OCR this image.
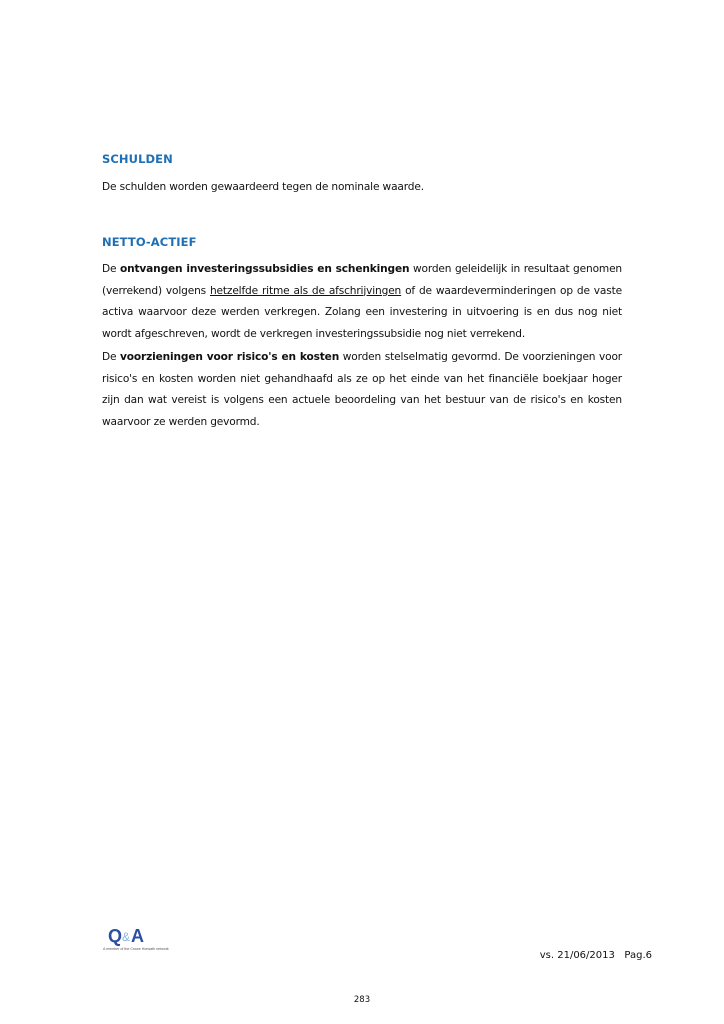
SCHULDEN
De schulden worden gewaardeerd tegen de nominale waarde.
NETTO-ACTIEF
De ontvangen investeringssubsidies en schenkingen worden geleidelijk in resultaat genomen (verrekend) volgens hetzelfde ritme als de afschrijvingen of de waardeverminderingen op de vaste activa waarvoor deze werden verkregen. Zolang een investering in uitvoering is en dus nog niet wordt afgeschreven, wordt de verkregen investeringssubsidie nog niet verrekend.
De voorzieningen voor risico's en kosten worden stelselmatig gevormd. De voorzieningen voor risico's en kosten worden niet gehandhaafd als ze op het einde van het financiële boekjaar hoger zijn dan wat vereist is volgens een actuele beoordeling van het bestuur van de risico's en kosten waarvoor ze werden gevormd.
Q & A
A member of the Crowe Horwath network
vs. 21/06/2013   Pag.6
283
